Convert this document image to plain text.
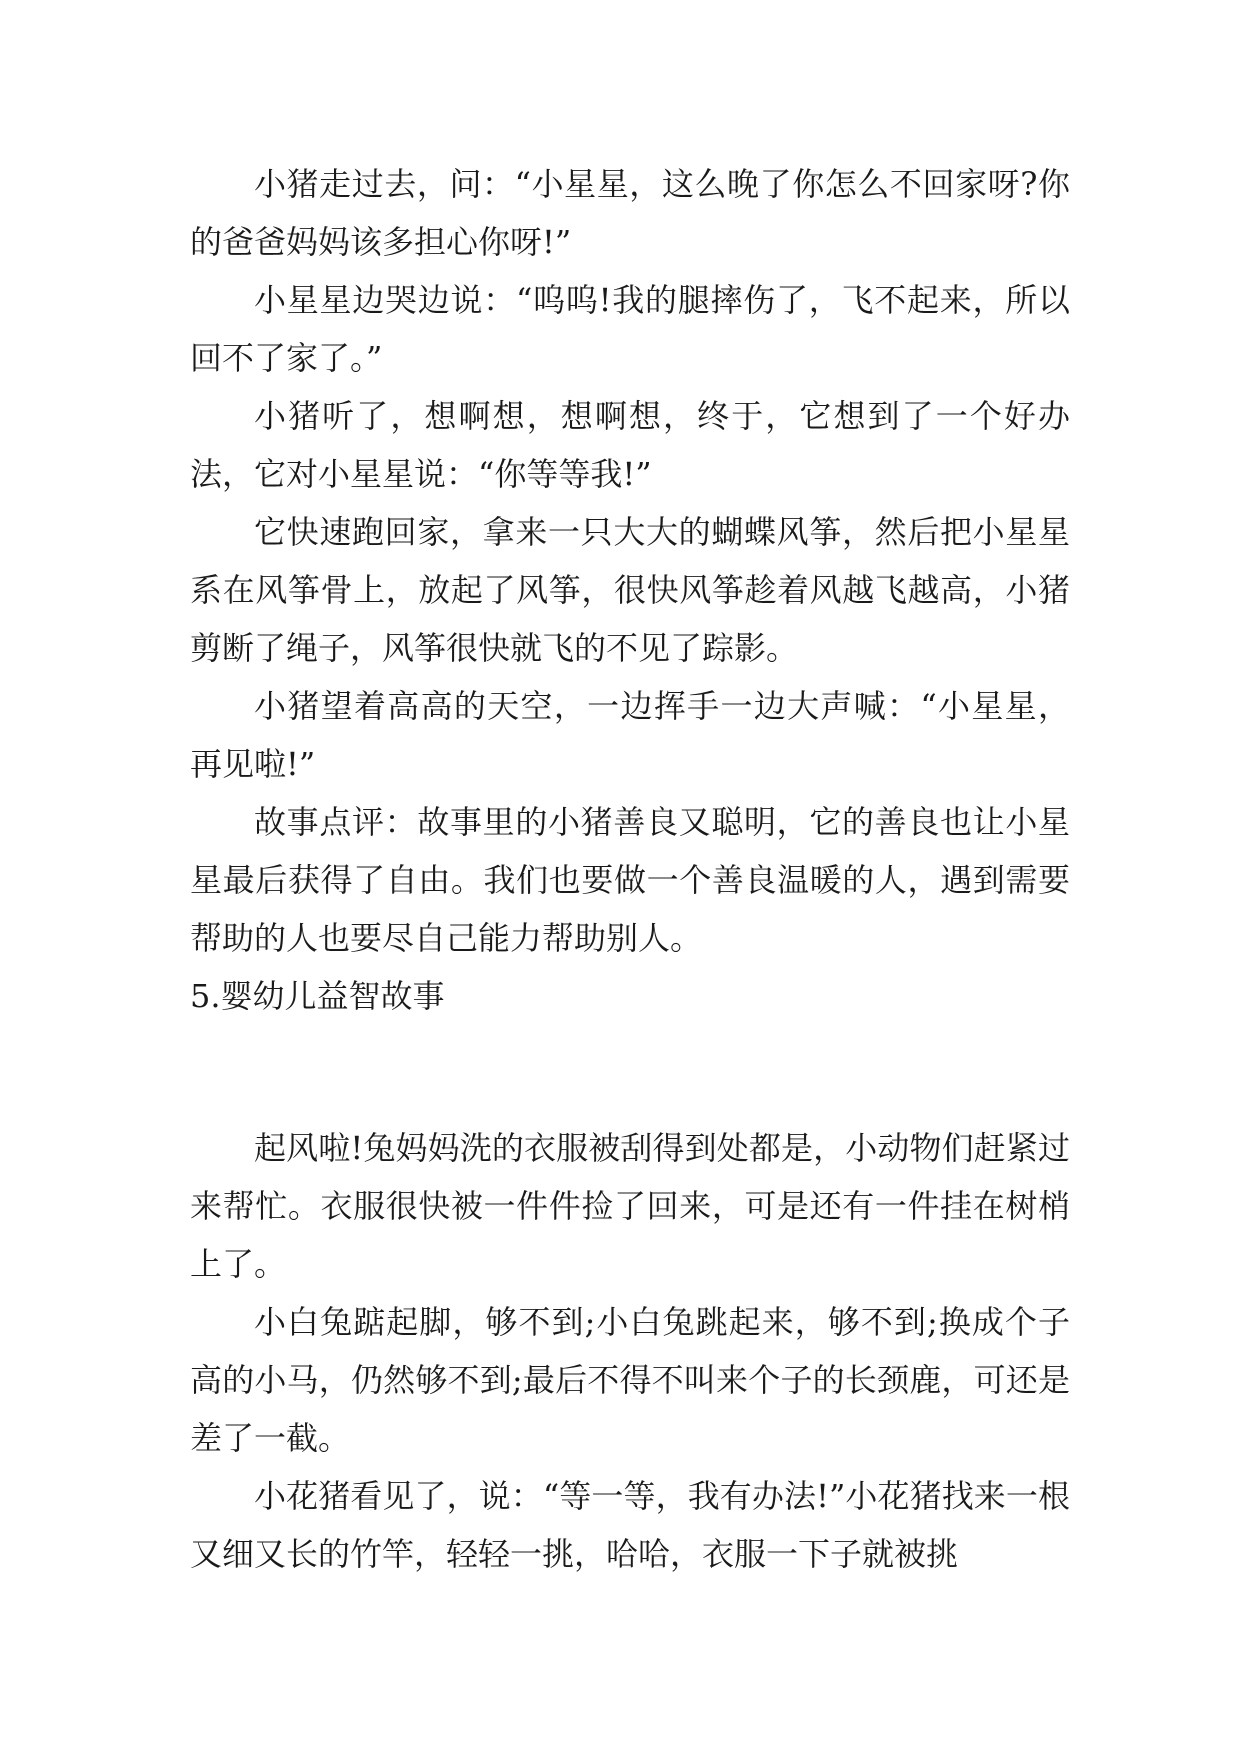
小猪走过去，问：“小星星，这么晚了你怎么不回家呀?你的爸爸妈妈该多担心你呀!”

小星星边哭边说：“呜呜!我的腿摔伤了，飞不起来，所以回不了家了。”

小猪听了，想啊想，想啊想，终于，它想到了一个好办法，它对小星星说：“你等等我!”

它快速跑回家，拿来一只大大的蝴蝶风筝，然后把小星星系在风筝骨上，放起了风筝，很快风筝趁着风越飞越高，小猪剪断了绳子，风筝很快就飞的不见了踪影。

小猪望着高高的天空，一边挥手一边大声喊：“小星星，再见啦!”

故事点评：故事里的小猪善良又聪明，它的善良也让小星星最后获得了自由。我们也要做一个善良温暖的人，遇到需要帮助的人也要尽自己能力帮助别人。

5.婴幼儿益智故事

起风啦!兔妈妈洗的衣服被刮得到处都是，小动物们赶紧过来帮忙。衣服很快被一件件捡了回来，可是还有一件挂在树梢上了。

小白兔踮起脚，够不到;小白兔跳起来，够不到;换成个子高的小马，仍然够不到;最后不得不叫来个子的长颈鹿，可还是差了一截。

小花猪看见了，说：“等一等，我有办法!”小花猪找来一根又细又长的竹竿，轻轻一挑，哈哈，衣服一下子就被挑
